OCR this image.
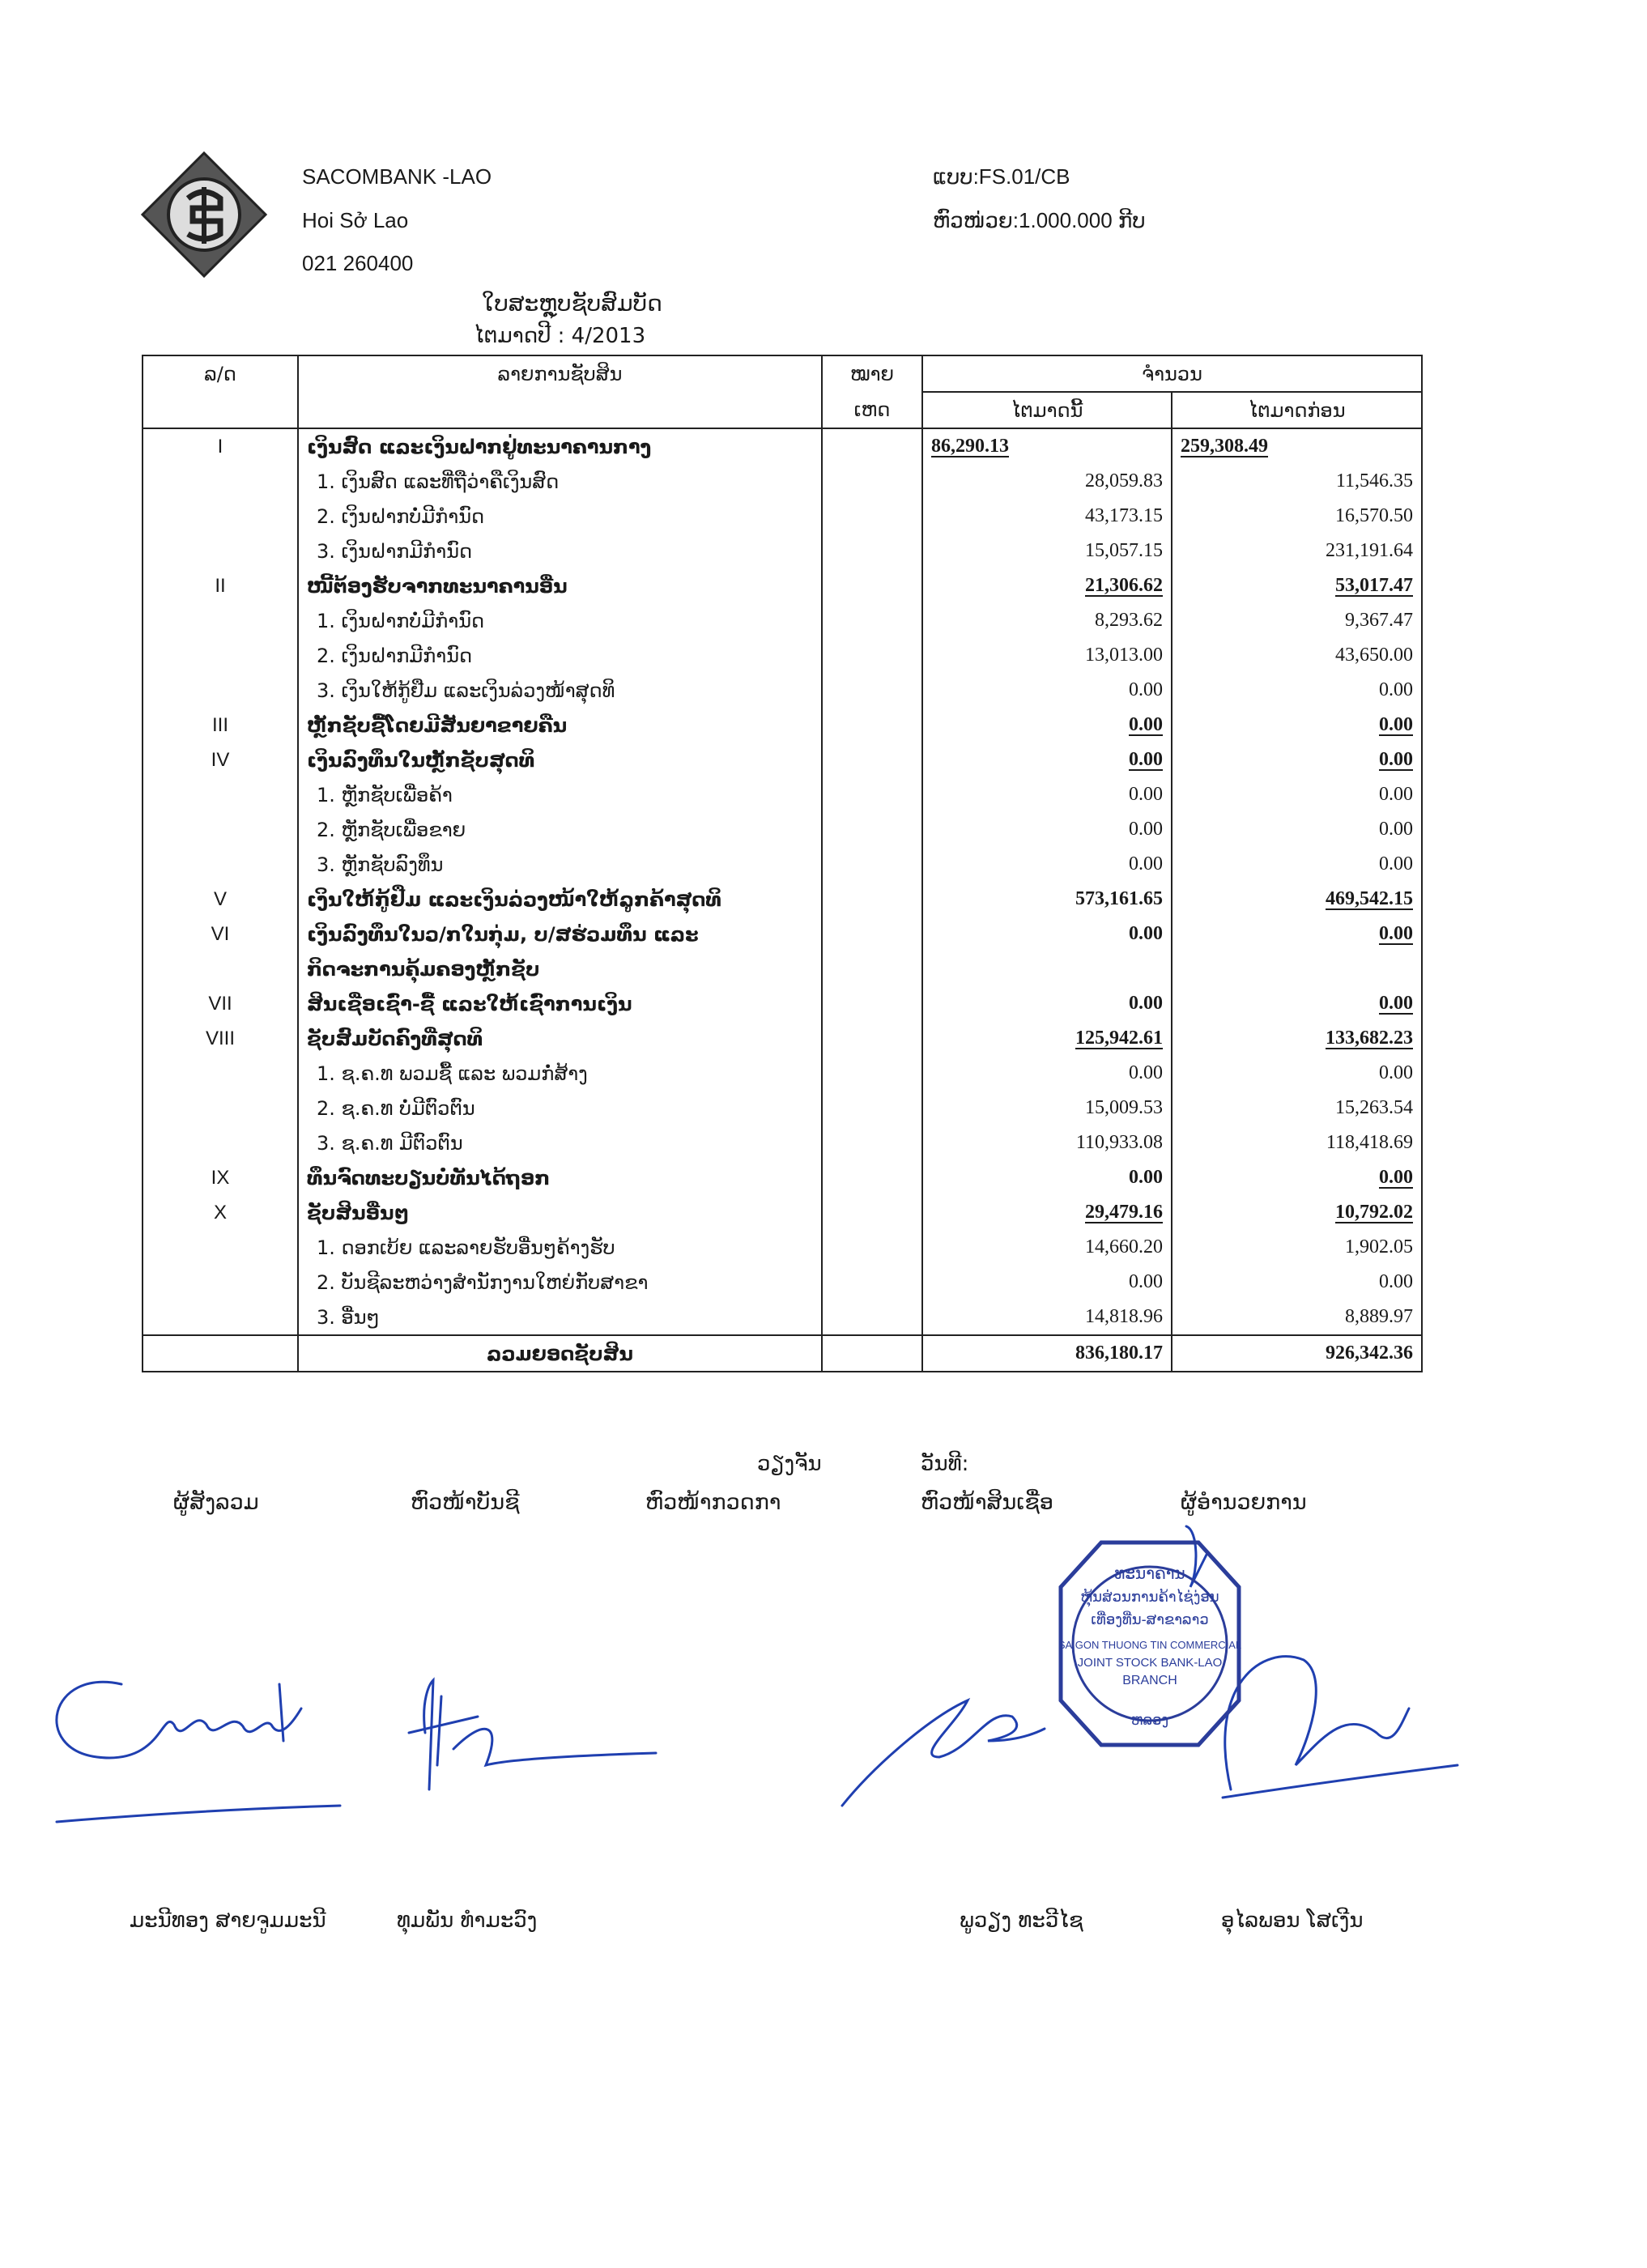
SACOMBANK -LAO
Hoi Sở Lao
021 260400
ແບບ:FS.01/CB
ຫົວໜ່ວຍ:1.000.000 ກີບ
ໃບສະຫຼຸບຊັບສົມບັດ
ໄຕມາດປີ : 4/2013
ລ/ດ	ລາຍການຊັບສິນ	ໝາຍ	ຈຳນວນ	
		ເຫດ	ໄຕມາດນີ້	ໄຕມາດກ່ອນ
I	ເງິນສົດ ແລະເງິນຝາກຢູ່ທະນາຄານກາງ		86,290.13	259,308.49
	1. ເງິນສົດ ແລະທີ່ຖືວ່າຄືເງິນສົດ		28,059.83	11,546.35
	2. ເງິນຝາກບໍ່ມີກຳນົດ		43,173.15	16,570.50
	3. ເງິນຝາກມີກຳນົດ		15,057.15	231,191.64
II	ໜີ້ຕ້ອງຮັບຈາກທະນາຄານອື່ນ		21,306.62	53,017.47
	1. ເງິນຝາກບໍ່ມີກຳນົດ		8,293.62	9,367.47
	2. ເງິນຝາກມີກຳນົດ		13,013.00	43,650.00
	3. ເງິນໃຫ້ກູ້ຢືມ ແລະເງິນລ່ວງໜ້າສຸດທິ		0.00	0.00
III	ຫຼັກຊັບຊື້ໂດຍມີສັນຍາຂາຍຄືນ		0.00	0.00
IV	ເງິນລົງທຶນໃນຫຼັກຊັບສຸດທິ		0.00	0.00
	1. ຫຼັກຊັບເພື່ອຄ້າ		0.00	0.00
	2. ຫຼັກຊັບເພື່ອຂາຍ		0.00	0.00
	3. ຫຼັກຊັບລົງທຶນ		0.00	0.00
V	ເງິນໃຫ້ກູ້ຢືມ ແລະເງິນລ່ວງໜ້າໃຫ້ລູກຄ້າສຸດທິ		573,161.65	469,542.15
VI	ເງິນລົງທຶນໃນວ/ກໃນກຸ່ມ, ບ/ສຮ່ວມທຶນ ແລະ		0.00	0.00
	ກິດຈະການຄຸ້ມຄອງຫຼັກຊັບ			
VII	ສິນເຊື່ອເຊົ່າ-ຊື້ ແລະໃຫ້ເຊົ່າການເງິນ		0.00	0.00
VIII	ຊັບສົມບັດຄົງທີ່ສຸດທິ		125,942.61	133,682.23
	1. ຊ.ຄ.ທ ພວມຊື້ ແລະ ພວມກໍ່ສ້າງ		0.00	0.00
	2. ຊ.ຄ.ທ ບໍ່ມີຕົວຕົນ		15,009.53	15,263.54
	3. ຊ.ຄ.ທ ມີຕົວຕົນ		110,933.08	118,418.69
IX	ທຶນຈົດທະບຽນບໍ່ທັນໄດ້ຖອກ		0.00	0.00
X	ຊັບສິນອື່ນໆ		29,479.16	10,792.02
	1. ດອກເບ້ຍ ແລະລາຍຮັບອື່ນໆຄ້າງຮັບ		14,660.20	1,902.05
	2. ບັນຊີລະຫວ່າງສຳນັກງານໃຫຍ່ກັບສາຂາ		0.00	0.00
	3. ອື່ນໆ		14,818.96	8,889.97
	ລວມຍອດຊັບສິນ		836,180.17	926,342.36
ວຽງຈັນ	ວັນທີ:
ຜູ້ສັງລວມ	ຫົວໜ້າບັນຊີ	ຫົວໜ້າກວດກາ	ຫົວໜ້າສິນເຊື່ອ	ຜູ້ອຳນວຍການ
ທະນາຄານ
ຫຸ້ນສ່ວນການຄ້າໄຊ່ງ່ອນ
ເທື່ອງທີ່ນ-ສາຂາລາວ
SAIGON THUONG TIN COMMERCIAL
JOINT STOCK BANK-LAO
BRANCH
ຫລວງ
ມະນີທອງ ສາຍຈູມມະນີ	ທຸມພັນ ທຳມະວົງ	ພູວຽງ ທະວີໄຊ	ອຸໄລພອນ ໂສເງີນ
